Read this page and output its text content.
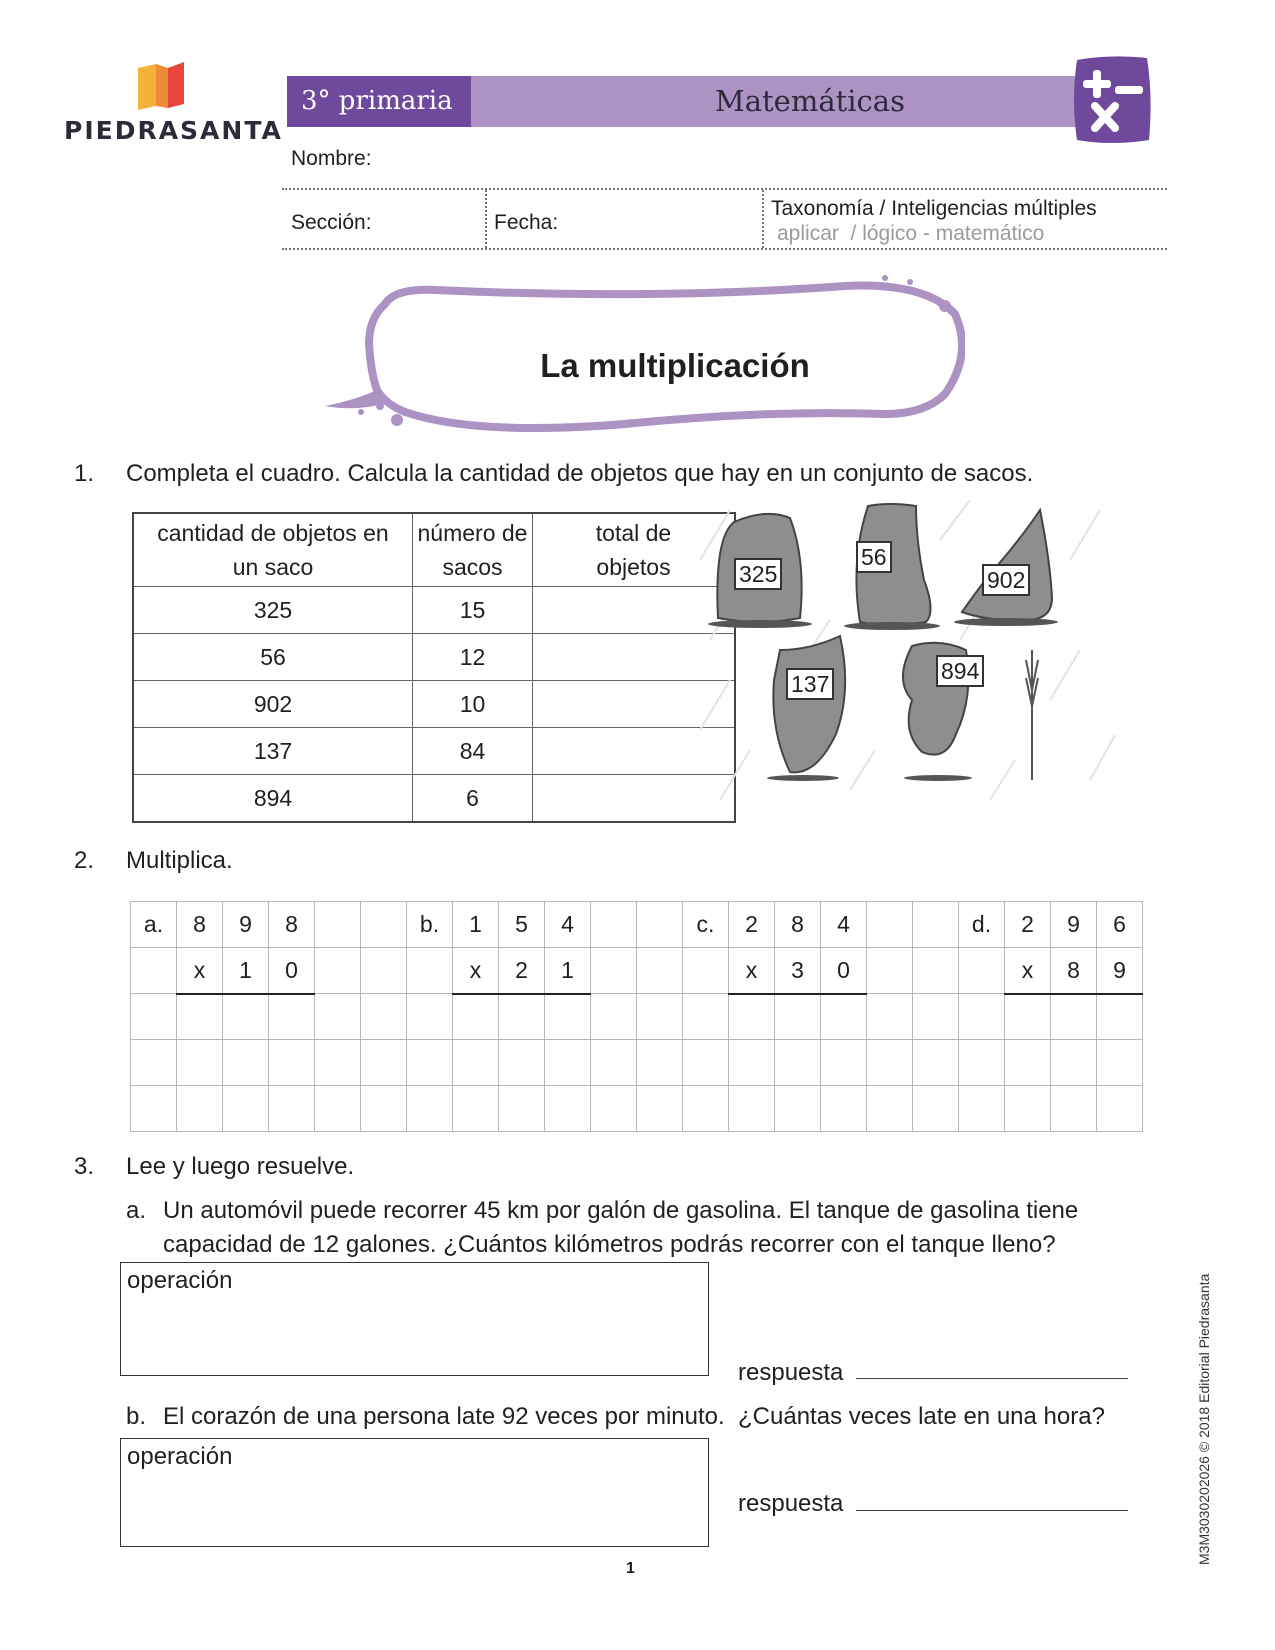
PIEDRASANTA
3° primaria	Matemáticas
Nombre:
Sección:	Fecha:
Taxonomía / Inteligencias múltiples
aplicar  / lógico - matemático
La multiplicación
1. Completa el cuadro. Calcula la cantidad de objetos que hay en un conjunto de sacos.
cantidad de objetos en un saco	número de sacos	total de objetos
325	15	
56	12	
902	10	
137	84	
894	6	
325
56
902
137	894
2. Multiplica.
a.	8	9	8			b.	1	5	4			c.	2	8	4			d.	2	9	6
	x	1	0				x	2	1				x	3	0				x	8	9

3. Lee y luego resuelve.
a. Un automóvil puede recorrer 45 km por galón de gasolina. El tanque de gasolina tiene
capacidad de 12 galones. ¿Cuántos kilómetros podrás recorrer con el tanque lleno?
operación
respuesta
b. El corazón de una persona late 92 veces por minuto.  ¿Cuántas veces late en una hora?
operación
respuesta
1
M3M3030202026 © 2018 Editorial Piedrasanta
